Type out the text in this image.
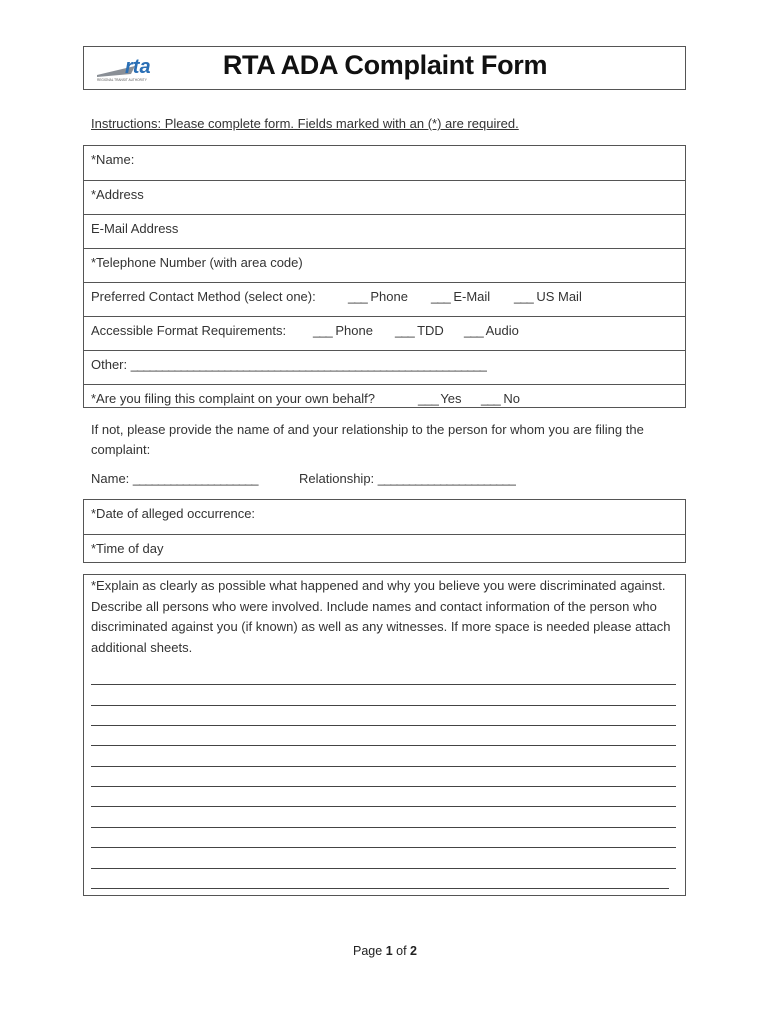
rta
REGIONAL TRANSIT AUTHORITY	RTA ADA Complaint Form
Instructions: Please complete form. Fields marked with an (*) are required.
*Name:
*Address
E-Mail Address
*Telephone Number (with area code)
Preferred Contact Method (select one): ___ Phone ___ E-Mail ___ US Mail
Accessible Format Requirements: ___ Phone ___ TDD ___ Audio
Other: _________________________________________________________
*Are you filing this complaint on your own behalf?	_ _ _ Yes ___ No
If not, please provide the name of and your relationship to the person for whom you are filing the complaint:
Name: ____________________	Relationship: ______________________
*Date of alleged occurrence:
*Time of day
*Explain as clearly as possible what happened and why you believe you were discriminated against. Describe all persons who were involved. Include names and contact information of the person who discriminated against you (if known) as well as any witnesses. If more space is needed please attach additional sheets.
Page 1 of 2
